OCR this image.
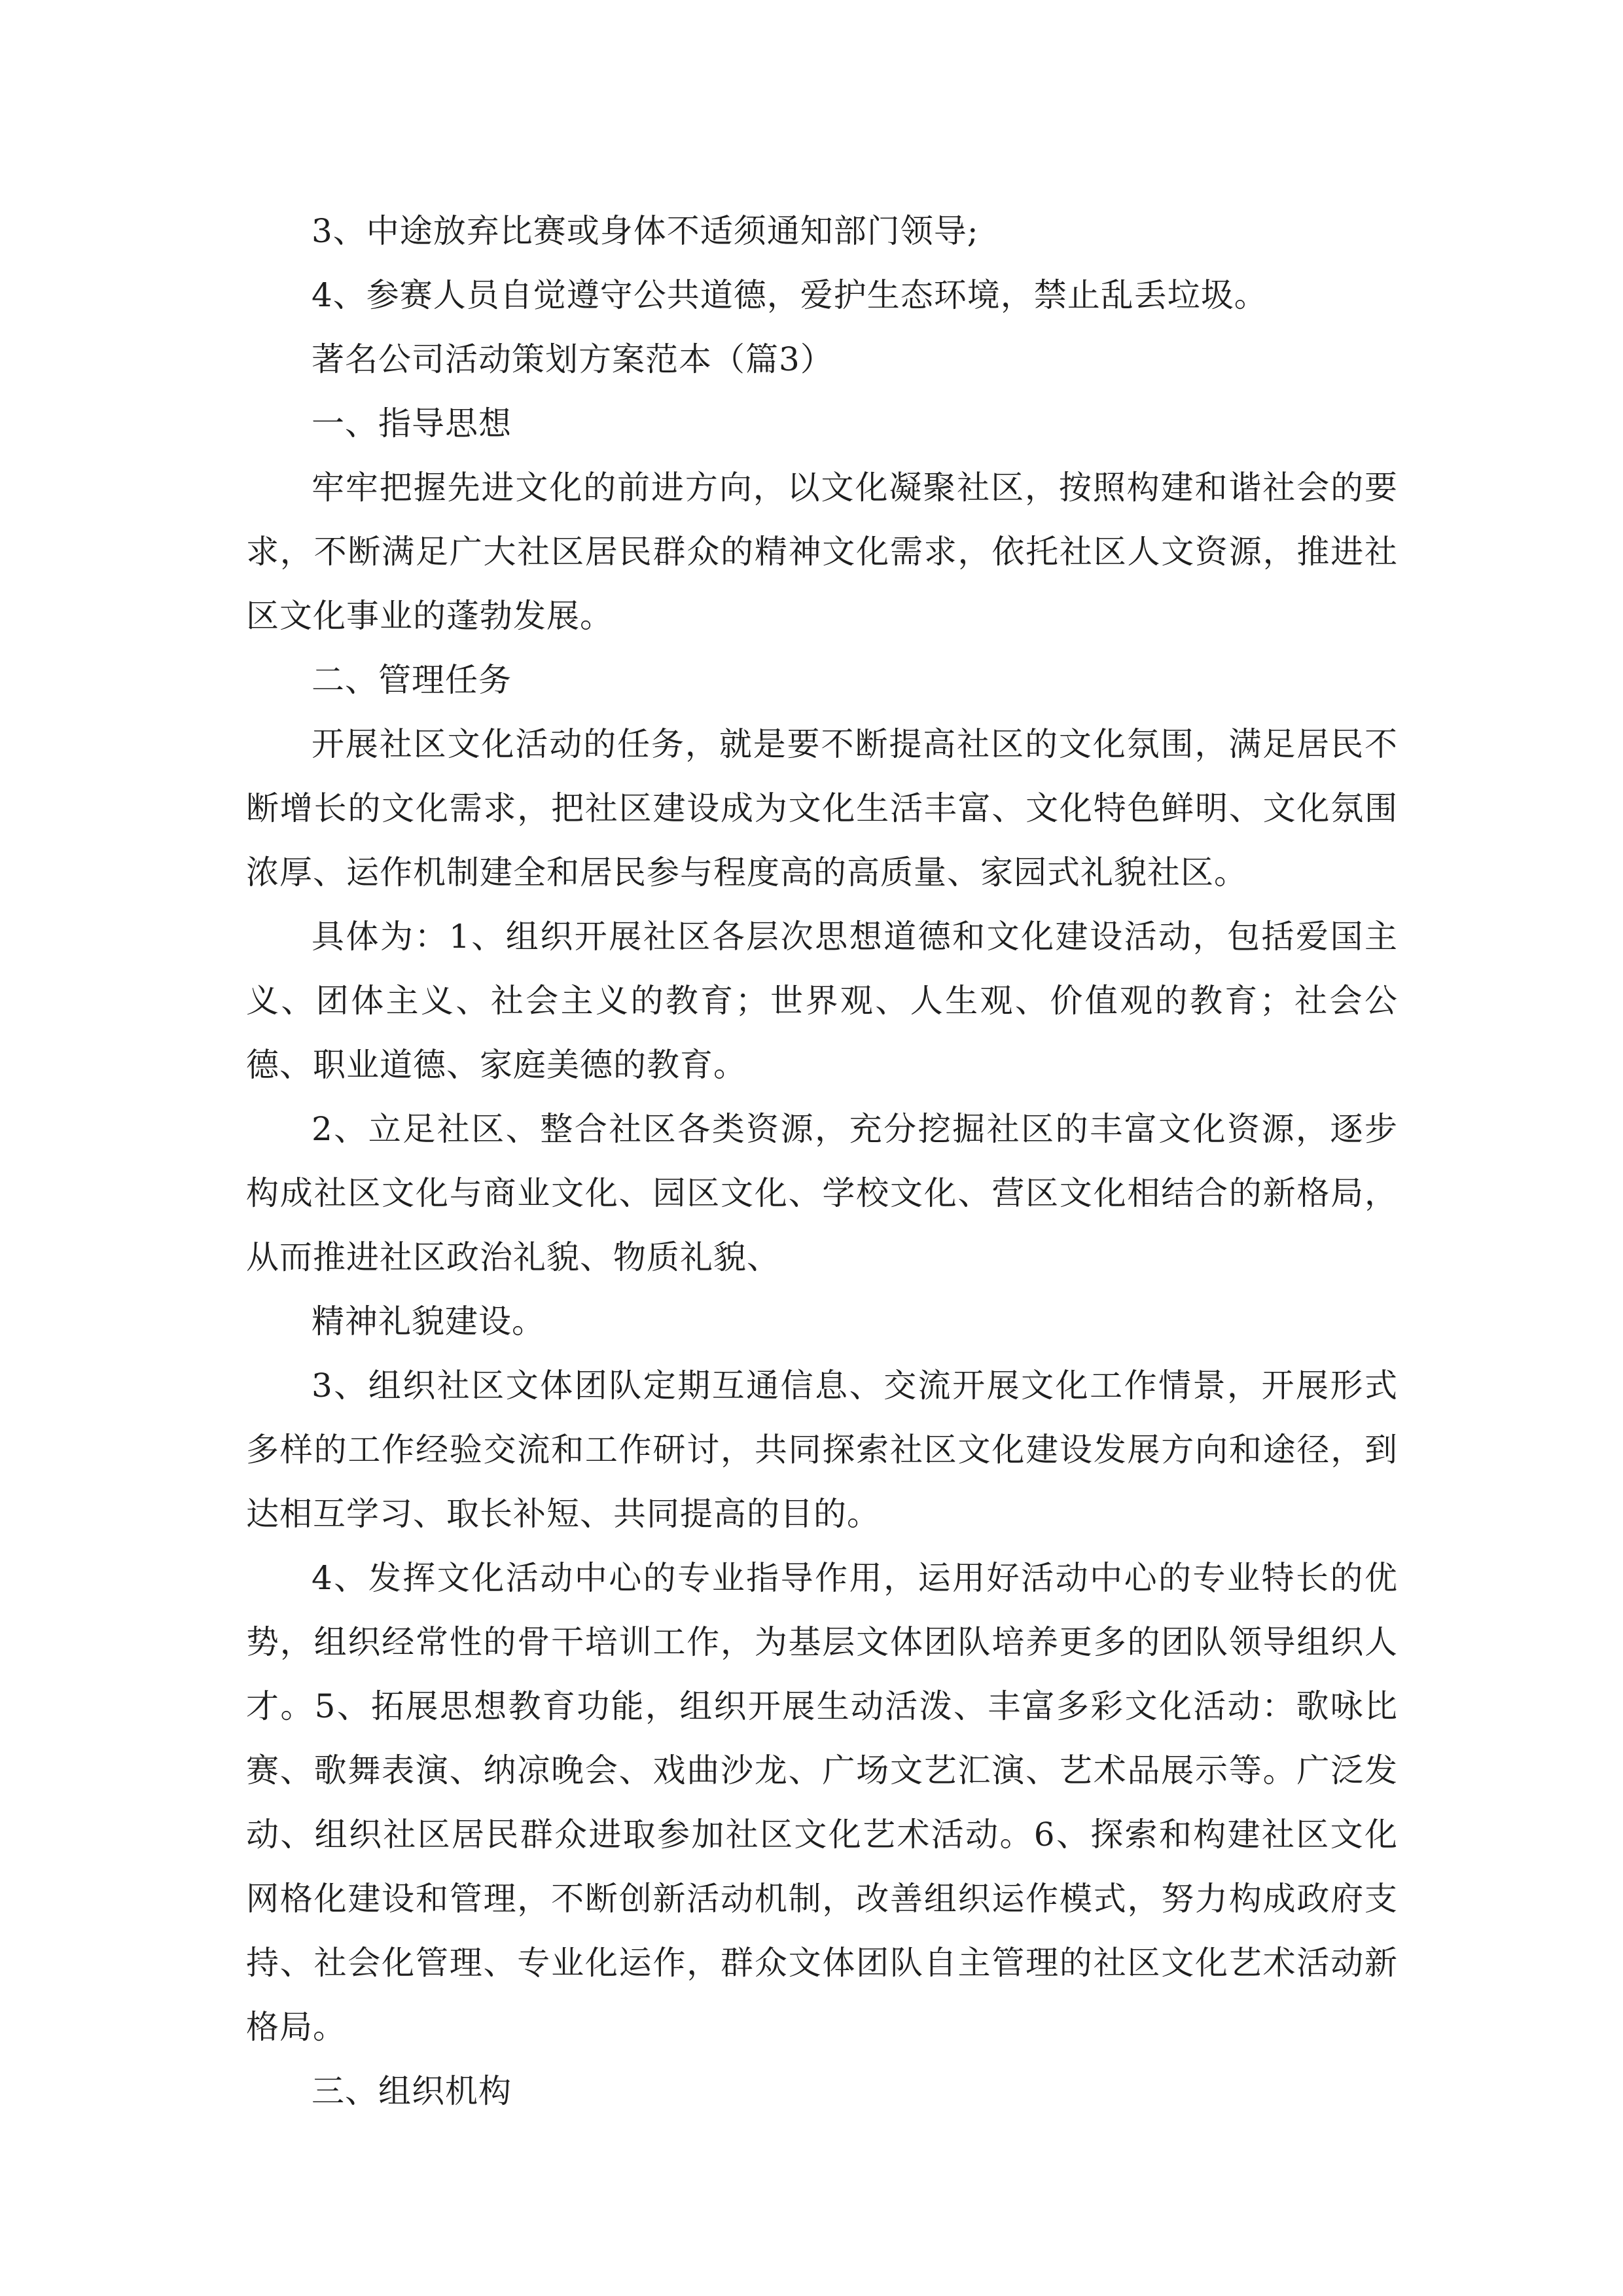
3、中途放弃比赛或身体不适须通知部门领导;

4、参赛人员自觉遵守公共道德，爱护生态环境，禁止乱丢垃圾。

著名公司活动策划方案范本（篇3）

一、指导思想

牢牢把握先进文化的前进方向，以文化凝聚社区，按照构建和谐社会的要求，不断满足广大社区居民群众的精神文化需求，依托社区人文资源，推进社区文化事业的蓬勃发展。

二、管理任务

开展社区文化活动的任务，就是要不断提高社区的文化氛围，满足居民不断增长的文化需求，把社区建设成为文化生活丰富、文化特色鲜明、文化氛围浓厚、运作机制建全和居民参与程度高的高质量、家园式礼貌社区。

具体为：1、组织开展社区各层次思想道德和文化建设活动，包括爱国主义、团体主义、社会主义的教育；世界观、人生观、价值观的教育；社会公德、职业道德、家庭美德的教育。

2、立足社区、整合社区各类资源，充分挖掘社区的丰富文化资源，逐步构成社区文化与商业文化、园区文化、学校文化、营区文化相结合的新格局，从而推进社区政治礼貌、物质礼貌、

精神礼貌建设。

3、组织社区文体团队定期互通信息、交流开展文化工作情景，开展形式多样的工作经验交流和工作研讨，共同探索社区文化建设发展方向和途径，到达相互学习、取长补短、共同提高的目的。

4、发挥文化活动中心的专业指导作用，运用好活动中心的专业特长的优势，组织经常性的骨干培训工作，为基层文体团队培养更多的团队领导组织人才。5、拓展思想教育功能，组织开展生动活泼、丰富多彩文化活动：歌咏比赛、歌舞表演、纳凉晚会、戏曲沙龙、广场文艺汇演、艺术品展示等。广泛发动、组织社区居民群众进取参加社区文化艺术活动。6、探索和构建社区文化网格化建设和管理，不断创新活动机制，改善组织运作模式，努力构成政府支持、社会化管理、专业化运作，群众文体团队自主管理的社区文化艺术活动新格局。

三、组织机构
